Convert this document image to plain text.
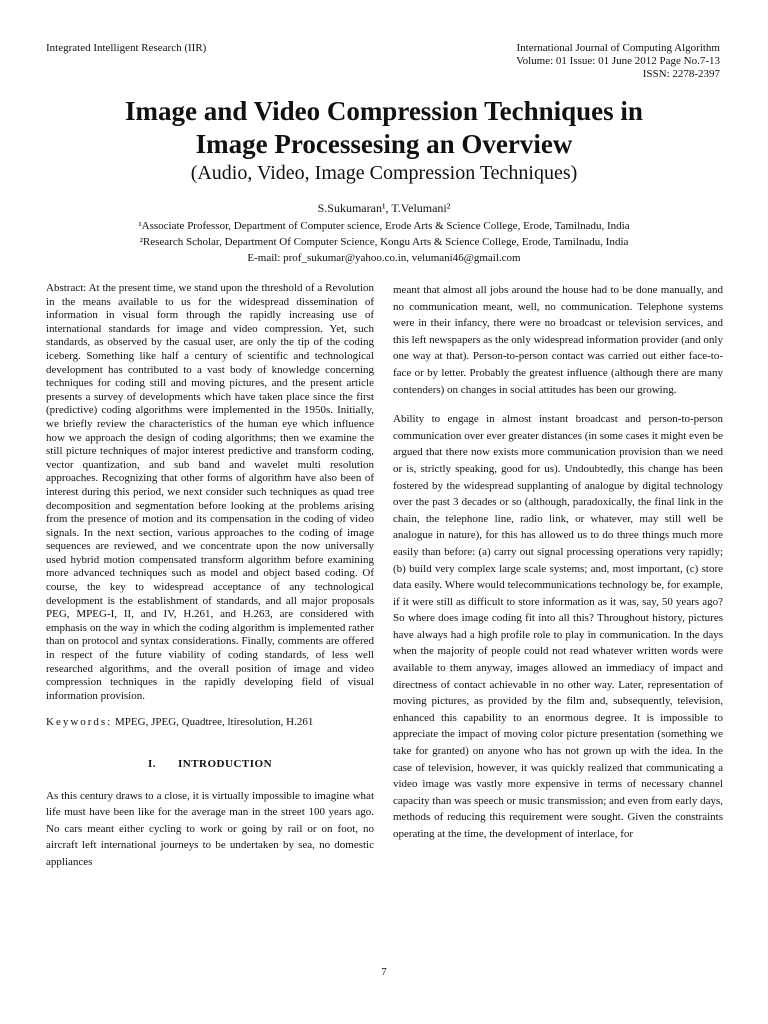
Integrated Intelligent Research (IIR)	International Journal of Computing Algorithm
Volume: 01 Issue: 01 June 2012 Page No.7-13
ISSN: 2278-2397
Image and Video Compression Techniques in
Image Processesing an Overview
(Audio, Video, Image Compression Techniques)
S.Sukumaran¹, T.Velumani²
¹Associate Professor, Department of Computer science, Erode Arts & Science College, Erode, Tamilnadu, India
²Research Scholar, Department Of Computer Science, Kongu Arts & Science College, Erode, Tamilnadu, India
E-mail: prof_sukumar@yahoo.co.in, velumani46@gmail.com

Abstract: At the present time, we stand upon the threshold of a Revolution in the means available to us for the widespread dissemination of information in visual form through the rapidly increasing use of international standards for image and video compression. Yet, such standards, as observed by the casual user, are only the tip of the coding iceberg. Something like half a century of scientific and technological development has contributed to a vast body of knowledge concerning techniques for coding still and moving pictures, and the present article presents a survey of developments which have taken place since the first (predictive) coding algorithms were implemented in the 1950s. Initially, we briefly review the characteristics of the human eye which influence how we approach the design of coding algorithms; then we examine the still picture techniques of major interest predictive and transform coding, vector quantization, and sub band and wavelet multi resolution approaches. Recognizing that other forms of algorithm have also been of interest during this period, we next consider such techniques as quad tree decomposition and segmentation before looking at the problems arising from the presence of motion and its compensation in the coding of video signals. In the next section, various approaches to the coding of image sequences are reviewed, and we concentrate upon the now universally used hybrid motion compensated transform algorithm before examining more advanced techniques such as model and object based coding. Of course, the key to widespread acceptance of any technological development is the establishment of standards, and all major proposals PEG, MPEG-I, II, and IV, H.261, and H.263, are considered with emphasis on the way in which the coding algorithm is implemented rather than on protocol and syntax considerations. Finally, comments are offered in respect of the future viability of coding standards, of less well researched algorithms, and the overall position of image and video compression techniques in the rapidly developing field of visual information provision.

Keywords: MPEG, JPEG, Quadtree, ltiresolution, H.261

I. INTRODUCTION

As this century draws to a close, it is virtually impossible to imagine what life must have been like for the average man in the street 100 years ago. No cars meant either cycling to work or going by rail or on foot, no aircraft left international journeys to be undertaken by sea, no domestic appliances

meant that almost all jobs around the house had to be done manually, and no communication meant, well, no communication. Telephone systems were in their infancy, there were no broadcast or television services, and this left newspapers as the only widespread information provider (and only one way at that). Person-to-person contact was carried out either face-to-face or by letter. Probably the greatest influence (although there are many contenders) on changes in social attitudes has been our growing.

Ability to engage in almost instant broadcast and person-to-person communication over ever greater distances (in some cases it might even be argued that there now exists more communication provision than we need or is, strictly speaking, good for us). Undoubtedly, this change has been fostered by the widespread supplanting of analogue by digital technology over the past 3 decades or so (although, paradoxically, the final link in the chain, the telephone line, radio link, or whatever, may still well be analogue in nature), for this has allowed us to do three things much more easily than before: (a) carry out signal processing operations very rapidly; (b) build very complex large scale systems; and, most important, (c) store data easily. Where would telecommunications technology be, for example, if it were still as difficult to store information as it was, say, 50 years ago? So where does image coding fit into all this? Throughout history, pictures have always had a high profile role to play in communication. In the days when the majority of people could not read whatever written words were available to them anyway, images allowed an immediacy of impact and directness of contact achievable in no other way. Later, representation of moving pictures, as provided by the film and, subsequently, television, enhanced this capability to an enormous degree. It is impossible to appreciate the impact of moving color picture presentation (something we take for granted) on anyone who has not grown up with the idea. In the case of television, however, it was quickly realized that communicating a video image was vastly more expensive in terms of necessary channel capacity than was speech or music transmission; and even from early days, methods of reducing this requirement were sought. Given the constraints operating at the time, the development of interlace, for

7
